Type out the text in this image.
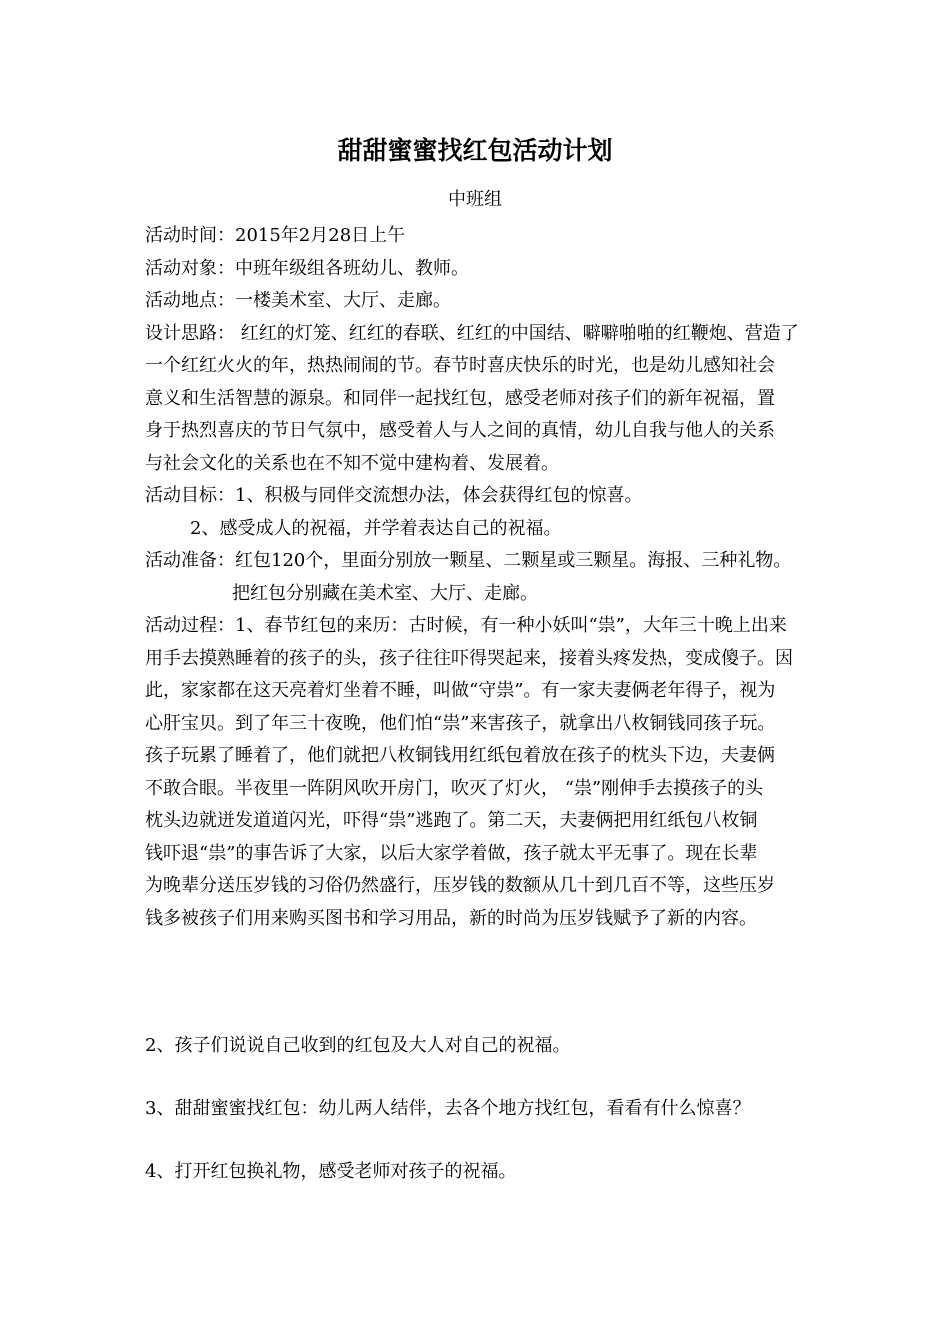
甜甜蜜蜜找红包活动计划
中班组
活动时间：2015年2月28日上午
活动对象：中班年级组各班幼儿、教师。
活动地点：一楼美术室、大厅、走廊。
设计思路： 红红的灯笼、红红的春联、红红的中国结、噼噼啪啪的红鞭炮、营造了
一个红红火火的年，热热闹闹的节。春节时喜庆快乐的时光，也是幼儿感知社会
意义和生活智慧的源泉。和同伴一起找红包，感受老师对孩子们的新年祝福，置
身于热烈喜庆的节日气氛中，感受着人与人之间的真情，幼儿自我与他人的关系
与社会文化的关系也在不知不觉中建构着、发展着。
活动目标：1、积极与同伴交流想办法，体会获得红包的惊喜。
2、感受成人的祝福，并学着表达自己的祝福。
活动准备：红包120个，里面分别放一颗星、二颗星或三颗星。海报、三种礼物。
把红包分别藏在美术室、大厅、走廊。
活动过程：1、春节红包的来历：古时候，有一种小妖叫“祟”，大年三十晚上出来
用手去摸熟睡着的孩子的头，孩子往往吓得哭起来，接着头疼发热，变成傻子。因
此，家家都在这天亮着灯坐着不睡，叫做“守祟”。有一家夫妻俩老年得子，视为
心肝宝贝。到了年三十夜晚，他们怕“祟”来害孩子，就拿出八枚铜钱同孩子玩。
孩子玩累了睡着了，他们就把八枚铜钱用红纸包着放在孩子的枕头下边，夫妻俩
不敢合眼。半夜里一阵阴风吹开房门，吹灭了灯火， “祟”刚伸手去摸孩子的头
枕头边就迸发道道闪光，吓得“祟”逃跑了。第二天，夫妻俩把用红纸包八枚铜
钱吓退“祟”的事告诉了大家，以后大家学着做，孩子就太平无事了。现在长辈
为晚辈分送压岁钱的习俗仍然盛行，压岁钱的数额从几十到几百不等，这些压岁
钱多被孩子们用来购买图书和学习用品，新的时尚为压岁钱赋予了新的内容。
2、孩子们说说自己收到的红包及大人对自己的祝福。
3、甜甜蜜蜜找红包：幼儿两人结伴，去各个地方找红包，看看有什么惊喜？
4、打开红包换礼物，感受老师对孩子的祝福。
